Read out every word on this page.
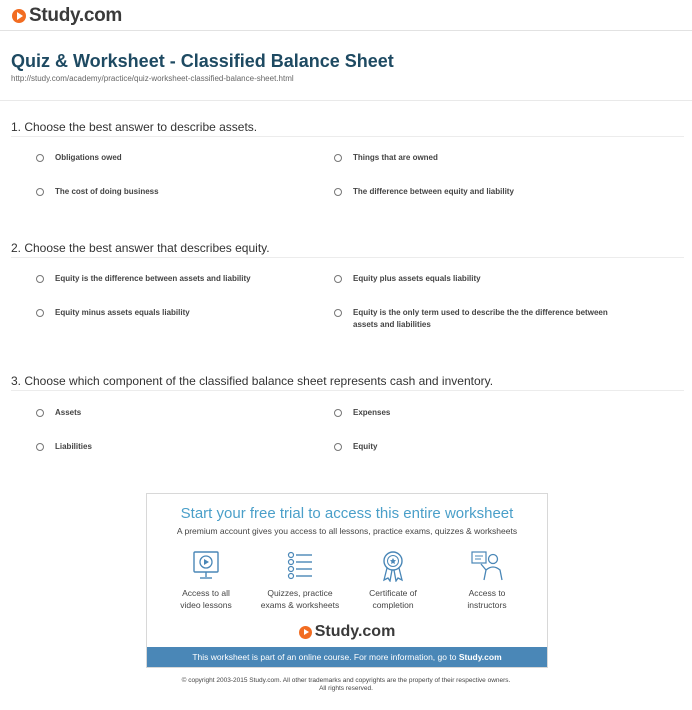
Study.com
Quiz & Worksheet - Classified Balance Sheet
http://study.com/academy/practice/quiz-worksheet-classified-balance-sheet.html
1. Choose the best answer to describe assets.
Obligations owed	Things that are owned
The cost of doing business	The difference between equity and liability
2. Choose the best answer that describes equity.
Equity is the difference between assets and liability	Equity plus assets equals liability
Equity minus assets equals liability	Equity is the only term used to describe the the difference between assets and liabilities
3. Choose which component of the classified balance sheet represents cash and inventory.
Assets	Expenses
Liabilities	Equity
Start your free trial to access this entire worksheet
A premium account gives you access to all lessons, practice exams, quizzes & worksheets
Access to all
video lessons
Quizzes, practice
exams & worksheets
Certificate of
completion
Access to
instructors
Study.com
This worksheet is part of an online course. For more information, go to Study.com
© copyright 2003-2015 Study.com. All other trademarks and copyrights are the property of their respective owners.
All rights reserved.
